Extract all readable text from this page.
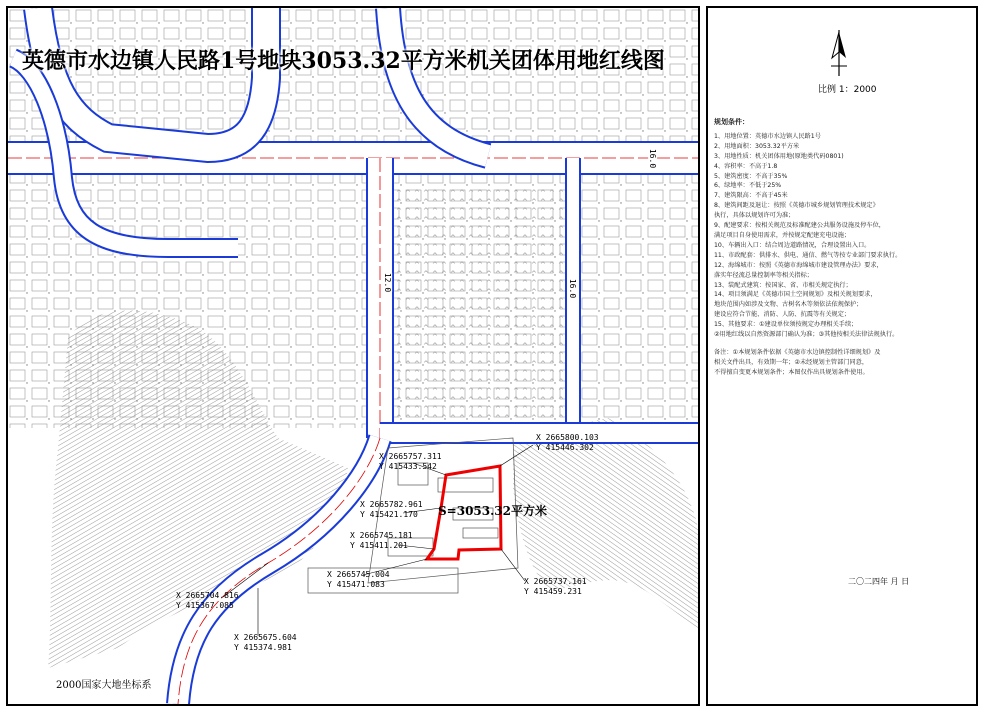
英德市水边镇人民路1号地块3053.32平方米机关团体用地红线图
16.0
12.0	16.0
X 2665757.311
Y 415433.542
X 2665800.103
Y 415446.302
X 2665782.961
Y 415421.170
X 2665745.181
Y 415411.201
X 2665704.816
Y 415367.085
X 2665745.004
Y 415471.083	X 2665737.161
Y 415459.231
X 2665675.604
Y 415374.981
S=3053.32平方米
2000国家大地坐标系
比例 1：2000
规划条件：
1、用地位置：英德市水边镇人民路1号
2、用地面积：3053.32平方米
3、用地性质：机关团体用地(原地类代码0801)
4、容积率：不高于1.8
5、建筑密度：不高于35%
6、绿地率：不低于25%
7、建筑限高：不高于45米
8、建筑间距及退让：按照《英德市城乡规划管理技术规定》
执行，具体以规划许可为准；
9、配建要求：按相关规范及标准配建公共服务设施及停车位，
满足项目自身使用需求，并按规定配建充电设施；
10、车辆出入口：结合周边道路情况，合理设置出入口。
11、市政配套：供排水、供电、通信、燃气等按专业部门要求执行。
12、海绵城市：按照《英德市海绵城市建设管理办法》要求，
落实年径流总量控制率等相关指标；
13、装配式建筑：按国家、省、市相关规定执行；
14、项目须满足《英德市国土空间规划》及相关规划要求，
地块范围内如涉及文物、古树名木等须依法依规保护；
建设应符合节能、消防、人防、抗震等有关规定；
15、其他要求：①建设单位须按规定办理相关手续；
②用地红线以自然资源部门确认为准；③其他按相关法律法规执行。
备注：①本规划条件依据《英德市水边镇控制性详细规划》及
相关文件出具，有效期一年；②未经规划主管部门同意，
不得擅自变更本规划条件；本图仅作出具规划条件使用。
二〇二四年 月 日
